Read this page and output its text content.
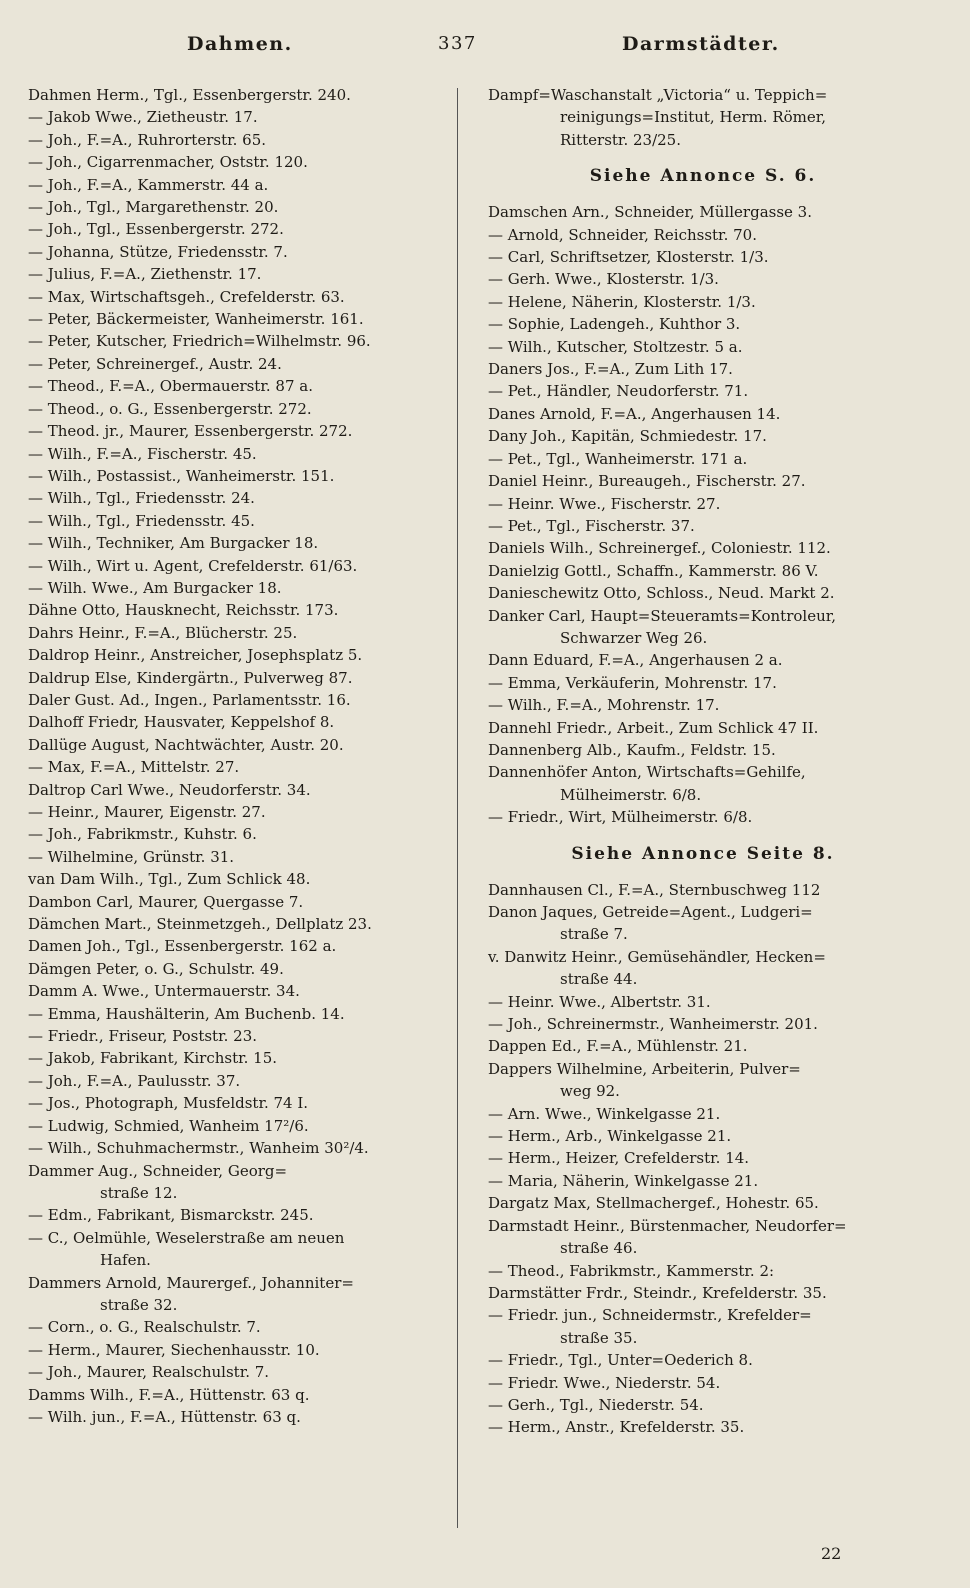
Dahmen.	337	Darmstädter.
Dahmen Herm., Tgl., Essenbergerstr. 240.
— Jakob Wwe., Zietheustr. 17.
— Joh., F.=A., Ruhrorterstr. 65.
— Joh., Cigarrenmacher, Oststr. 120.
— Joh., F.=A., Kammerstr. 44 a.
— Joh., Tgl., Margarethenstr. 20.
— Joh., Tgl., Essenbergerstr. 272.
— Johanna, Stütze, Friedensstr. 7.
— Julius, F.=A., Ziethenstr. 17.
— Max, Wirtschaftsgeh., Crefelderstr. 63.
— Peter, Bäckermeister, Wanheimerstr. 161.
— Peter, Kutscher, Friedrich=Wilhelmstr. 96.
— Peter, Schreinergef., Austr. 24.
— Theod., F.=A., Obermauerstr. 87 a.
— Theod., o. G., Essenbergerstr. 272.
— Theod. jr., Maurer, Essenbergerstr. 272.
— Wilh., F.=A., Fischerstr. 45.
— Wilh., Postassist., Wanheimerstr. 151.
— Wilh., Tgl., Friedensstr. 24.
— Wilh., Tgl., Friedensstr. 45.
— Wilh., Techniker, Am Burgacker 18.
— Wilh., Wirt u. Agent, Crefelderstr. 61/63.
— Wilh. Wwe., Am Burgacker 18.
Dähne Otto, Hausknecht, Reichsstr. 173.
Dahrs Heinr., F.=A., Blücherstr. 25.
Daldrop Heinr., Anstreicher, Josephsplatz 5.
Daldrup Else, Kindergärtn., Pulverweg 87.
Daler Gust. Ad., Ingen., Parlamentsstr. 16.
Dalhoff Friedr, Hausvater, Keppelshof 8.
Dallüge August, Nachtwächter, Austr. 20.
— Max, F.=A., Mittelstr. 27.
Daltrop Carl Wwe., Neudorferstr. 34.
— Heinr., Maurer, Eigenstr. 27.
— Joh., Fabrikmstr., Kuhstr. 6.
— Wilhelmine, Grünstr. 31.
van Dam Wilh., Tgl., Zum Schlick 48.
Dambon Carl, Maurer, Quergasse 7.
Dämchen Mart., Steinmetzgeh., Dellplatz 23.
Damen Joh., Tgl., Essenbergerstr. 162 a.
Dämgen Peter, o. G., Schulstr. 49.
Damm A. Wwe., Untermauerstr. 34.
— Emma, Haushälterin, Am Buchenb. 14.
— Friedr., Friseur, Poststr. 23.
— Jakob, Fabrikant, Kirchstr. 15.
— Joh., F.=A., Paulusstr. 37.
— Jos., Photograph, Musfeldstr. 74 I.
— Ludwig, Schmied, Wanheim 17²/6.
— Wilh., Schuhmachermstr., Wanheim 30²/4.
Dammer Aug., Schneider, Georg=
straße 12.
— Edm., Fabrikant, Bismarckstr. 245.
— C., Oelmühle, Weselerstraße am neuen
Hafen.
Dammers Arnold, Maurergef., Johanniter=
straße 32.
— Corn., o. G., Realschulstr. 7.
— Herm., Maurer, Siechenhausstr. 10.
— Joh., Maurer, Realschulstr. 7.
Damms Wilh., F.=A., Hüttenstr. 63 q.
— Wilh. jun., F.=A., Hüttenstr. 63 q.
Dampf=Waschanstalt „Victoria“ u. Teppich=
reinigungs=Institut, Herm. Römer,
Ritterstr. 23/25.
Siehe Annonce S. 6.
Damschen Arn., Schneider, Müllergasse 3.
— Arnold, Schneider, Reichsstr. 70.
— Carl, Schriftsetzer, Klosterstr. 1/3.
— Gerh. Wwe., Klosterstr. 1/3.
— Helene, Näherin, Klosterstr. 1/3.
— Sophie, Ladengeh., Kuhthor 3.
— Wilh., Kutscher, Stoltzestr. 5 a.
Daners Jos., F.=A., Zum Lith 17.
— Pet., Händler, Neudorferstr. 71.
Danes Arnold, F.=A., Angerhausen 14.
Dany Joh., Kapitän, Schmiedestr. 17.
— Pet., Tgl., Wanheimerstr. 171 a.
Daniel Heinr., Bureaugeh., Fischerstr. 27.
— Heinr. Wwe., Fischerstr. 27.
— Pet., Tgl., Fischerstr. 37.
Daniels Wilh., Schreinergef., Coloniestr. 112.
Danielzig Gottl., Schaffn., Kammerstr. 86 V.
Danieschewitz Otto, Schloss., Neud. Markt 2.
Danker Carl, Haupt=Steueramts=Kontroleur,
Schwarzer Weg 26.
Dann Eduard, F.=A., Angerhausen 2 a.
— Emma, Verkäuferin, Mohrenstr. 17.
— Wilh., F.=A., Mohrenstr. 17.
Dannehl Friedr., Arbeit., Zum Schlick 47 II.
Dannenberg Alb., Kaufm., Feldstr. 15.
Dannenhöfer Anton, Wirtschafts=Gehilfe,
Mülheimerstr. 6/8.
— Friedr., Wirt, Mülheimerstr. 6/8.
Siehe Annonce Seite 8.
Dannhausen Cl., F.=A., Sternbuschweg 112
Danon Jaques, Getreide=Agent., Ludgeri=
straße 7.
v. Danwitz Heinr., Gemüsehändler, Hecken=
straße 44.
— Heinr. Wwe., Albertstr. 31.
— Joh., Schreinermstr., Wanheimerstr. 201.
Dappen Ed., F.=A., Mühlenstr. 21.
Dappers Wilhelmine, Arbeiterin, Pulver=
weg 92.
— Arn. Wwe., Winkelgasse 21.
— Herm., Arb., Winkelgasse 21.
— Herm., Heizer, Crefelderstr. 14.
— Maria, Näherin, Winkelgasse 21.
Dargatz Max, Stellmachergef., Hohestr. 65.
Darmstadt Heinr., Bürstenmacher, Neudorfer=
straße 46.
— Theod., Fabrikmstr., Kammerstr. 2:
Darmstätter Frdr., Steindr., Krefelderstr. 35.
— Friedr. jun., Schneidermstr., Krefelder=
straße 35.
— Friedr., Tgl., Unter=Oederich 8.
— Friedr. Wwe., Niederstr. 54.
— Gerh., Tgl., Niederstr. 54.
— Herm., Anstr., Krefelderstr. 35.
22
